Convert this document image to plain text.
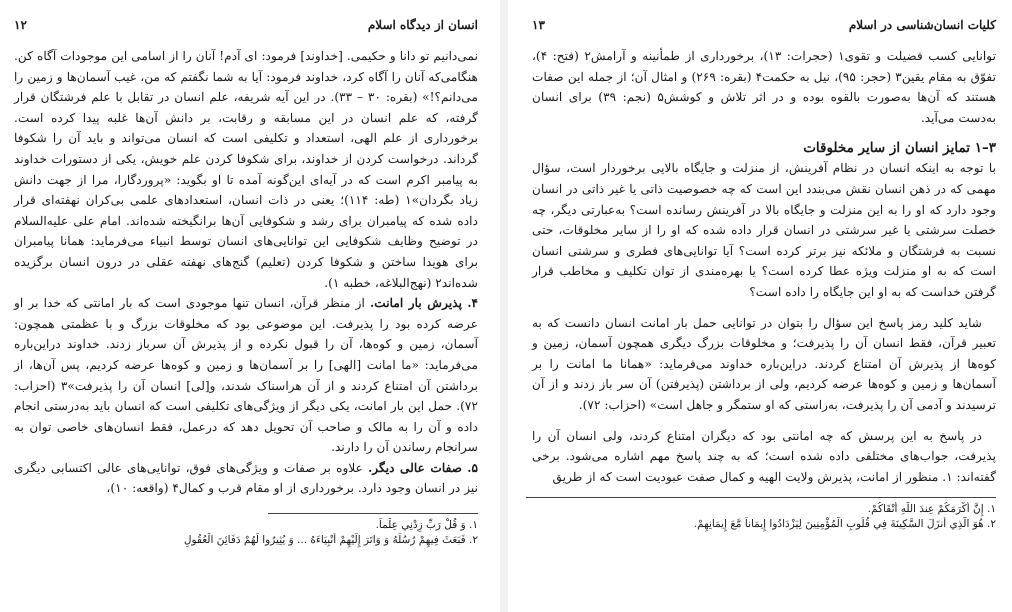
انسان از دیدگاه اسلام
۱۲

نمی‌دانیم تو دانا و حکیمی. [خداوند] فرمود: ای آدم! آنان را از اسامی این موجودات آگاه کن. هنگامی‌که آنان را آگاه کرد، خداوند فرمود: آیا به شما نگفتم که من، غیب آسمان‌ها و زمین را می‌دانم؟!» (بقره: ۳۰ – ۳۳). در این آیه شریفه، علم انسان در تقابل با علم فرشتگان قرار گرفته، که علم انسان در این مسابقه و رقابت، بر دانش آن‌ها غلبه پیدا کرده است. برخورداری از علم الهی، استعداد و تکلیفی است که انسان می‌تواند و باید آن را شکوفا گرداند. درخواست کردن از خداوند، برای شکوفا کردن علم خویش، یکی از دستورات خداوند به پیامبر اکرم است که در آیه‌ای این‌گونه آمده تا او بگوید: «پروردگارا، مرا از جهت دانش زیاد بگردان»۱ (طه: ۱۱۴)؛ یعنی در ذات انسان، استعدادهای علمی بی‌کران نهفته‌ای قرار داده شده که پیامبران برای رشد و شکوفایی آن‌ها برانگیخته شده‌اند. امام علی علیه‌السلام در توضیح وظایف شکوفایی این توانایی‌های انسان توسط انبیاء می‌فرماید: همانا پیامبران برای هویدا ساختن و شکوفا کردن (تعلیم) گنج‌های نهفته عقلی در درون انسان برگزیده شده‌اند۲ (نهج‌البلاغه، خطبه ۱).

۴. پذیرش بار امانت. از منظر قرآن، انسان تنها موجودی است که بار امانتی که خدا بر او عرضه کرده بود را پذیرفت. این موضوعی بود که مخلوقات بزرگ و با عظمتی همچون: آسمان، زمین و کوه‌ها، آن را قبول نکرده و از پذیرش آن سرباز زدند. خداوند دراین‌باره می‌فرماید: «ما امانت [الهی] را بر آسمان‌ها و زمین و کوه‌ها عرضه کردیم، پس آن‌ها، از برداشتن آن امتناع کردند و از آن هراسناک شدند، و[لی] انسان آن را پذیرفت»۳ (احزاب: ۷۲). حمل این بار امانت، یکی دیگر از ویژگی‌های تکلیفی است که انسان باید به‌درستی انجام داده و آن را به مالک و صاحب آن تحویل دهد که درعمل، فقط انسان‌های خاصی توان به سرانجام رساندن آن را دارند.

۵. صفات عالی دیگر. علاوه بر صفات و ویژگی‌های فوق، توانایی‌های عالی اکتسابی دیگری نیز در انسان وجود دارد. برخورداری از او مقام قرب و کمال۴ (واقعه: ۱۰)،

۱. وَ قُلْ رَبِّ زِدْنِي عِلْماً.
۲. فَبَعَثَ فِيهِمْ رُسُلَهُ وَ وَاتَرَ إِلَيْهِمْ أَنْبِيَاءَهُ ... وَ يُثِيرُوا لَهُمْ دَفَائِنَ الْعُقُولِ
کلیات انسان‌شناسی در اسلام
۱۳

توانایی کسب فضیلت و تقوی۱ (حجرات: ۱۳)، برخورداری از طمأنینه و آرامش۲ (فتح: ۴)، تفوّق به مقام یقین۳ (حجر: ۹۵)، نیل به حکمت۴ (بقره: ۲۶۹) و امثال آن؛ از جمله این صفات هستند که آن‌ها به‌صورت بالقوه بوده و در اثر تلاش و کوشش۵ (نجم: ۳۹) برای انسان به‌دست می‌آید.

۳–۱ تمایز انسان از سایر مخلوقات

با توجه به اینکه انسان در نظام آفرینش، از منزلت و جایگاه بالایی برخوردار است، سؤال مهمی که در ذهن انسان نقش می‌بندد این است که چه خصوصیت ذاتی یا غیر ذاتی در انسان وجود دارد که او را به این منزلت و جایگاه بالا در آفرینش رسانده است؟ به‌عبارتی دیگر، چه خصلت سرشتی یا غیر سرشتی در انسان قرار داده شده که او را از سایر مخلوقات، حتی نسبت به فرشتگان و ملائکه نیز برتر کرده است؟ آیا توانایی‌های فطری و سرشتی انسان است که به او منزلت ویژه عطا کرده است؟ یا بهره‌مندی از توان تکلیف و مخاطب قرار گرفتن خداست که به او این جایگاه را داده است؟

شاید کلید رمز پاسخ این سؤال را بتوان در توانایی حمل بار امانت انسان دانست که به تعبیر قرآن، فقط انسان آن را پذیرفت؛ و مخلوقات بزرگ دیگری همچون آسمان، زمین و کوه‌ها از پذیرش آن امتناع کردند. دراین‌باره خداوند می‌فرماید: «همانا ما امانت را بر آسمان‌ها و زمین و کوه‌ها عرضه کردیم، ولی از برداشتن (پذیرفتن) آن سر باز زدند و از آن ترسیدند و آدمی آن را پذیرفت، به‌راستی که او ستمگر و جاهل است» (احزاب: ۷۲).

در پاسخ به این پرسش که چه امانتی بود که دیگران امتناع کردند، ولی انسان آن را پذیرفت، جواب‌های مختلفی داده شده است؛ که به چند پاسخ مهم اشاره می‌شود. برخی گفته‌اند: ۱. منظور از امانت، پذیرش ولایت الهیه و کمال صفت عبودیت است که از طریق

۱. إِنَّ أَكْرَمَكُمْ عِندَ اللَّهِ أَتْقَاكُمْ.
۲. هُوَ الَّذِي أَنزَلَ السَّكِينَةَ فِي قُلُوبِ الْمُؤْمِنِينَ لِيَزْدَادُوا إِيمَاناً مَّعَ إِيمَانِهِمْ.
